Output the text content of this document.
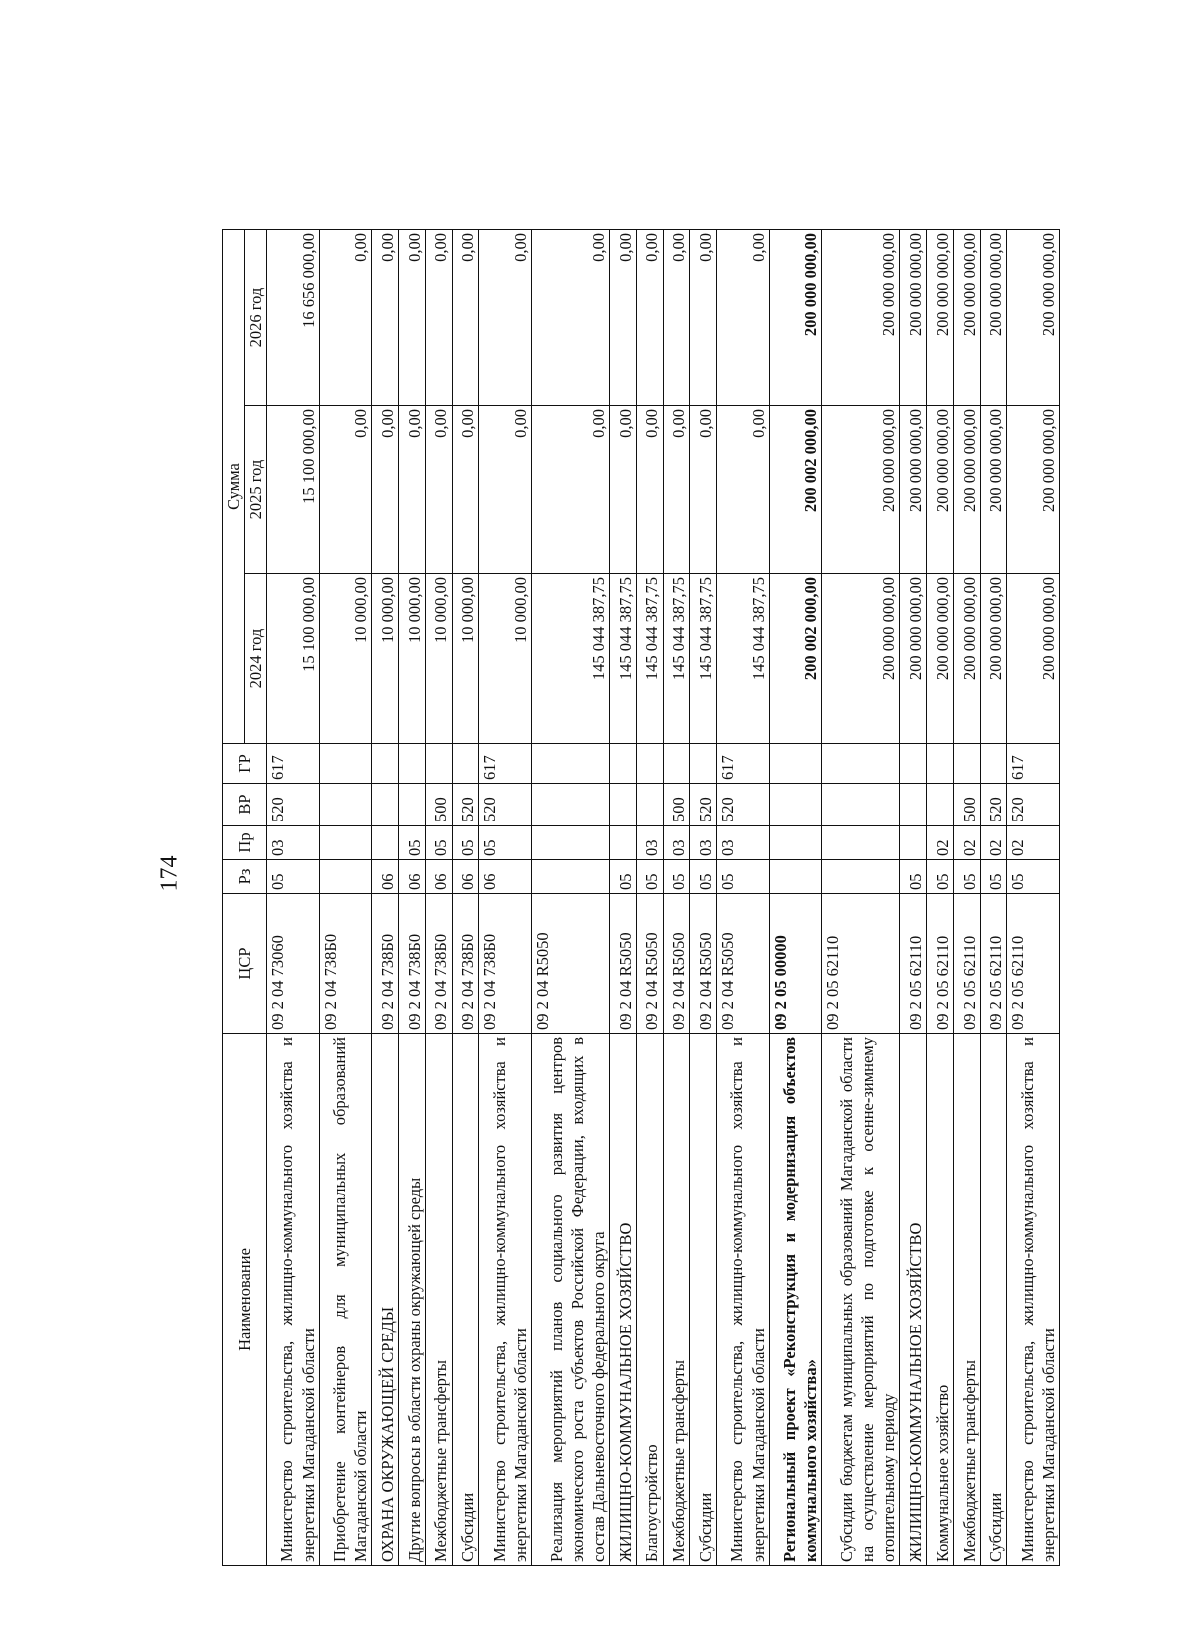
174
Наименование	ЦСР	Рз	Пр	ВР	ГР	Сумма		
						2024 год	2025 год	2026 год
Министерство строительства, жилищно-коммунального хозяйства и энергетики Магаданской области	09 2 04 73060	05	03	520	617	15 100 000,00	15 100 000,00	16 656 000,00
Приобретение контейнеров для муниципальных образований Магаданской области	09 2 04 738Б0					10 000,00	0,00	0,00
ОХРАНА ОКРУЖАЮЩЕЙ СРЕДЫ	09 2 04 738Б0	06				10 000,00	0,00	0,00
Другие вопросы в области охраны окружающей среды	09 2 04 738Б0	06	05			10 000,00	0,00	0,00
Межбюджетные трансферты	09 2 04 738Б0	06	05	500		10 000,00	0,00	0,00
Субсидии	09 2 04 738Б0	06	05	520		10 000,00	0,00	0,00
Министерство строительства, жилищно-коммунального хозяйства и энергетики Магаданской области	09 2 04 738Б0	06	05	520	617	10 000,00	0,00	0,00
Реализация мероприятий планов социального развития центров экономического роста субъектов Российской Федерации, входящих в состав Дальневосточного федерального округа	09 2 04 R5050					145 044 387,75	0,00	0,00
ЖИЛИЩНО-КОММУНАЛЬНОЕ ХОЗЯЙСТВО	09 2 04 R5050	05				145 044 387,75	0,00	0,00
Благоустройство	09 2 04 R5050	05	03			145 044 387,75	0,00	0,00
Межбюджетные трансферты	09 2 04 R5050	05	03	500		145 044 387,75	0,00	0,00
Субсидии	09 2 04 R5050	05	03	520		145 044 387,75	0,00	0,00
Министерство строительства, жилищно-коммунального хозяйства и энергетики Магаданской области	09 2 04 R5050	05	03	520	617	145 044 387,75	0,00	0,00
Региональный проект «Реконструкция и модернизация объектов коммунального хозяйства»	09 2 05 00000					200 002 000,00	200 002 000,00	200 000 000,00
Субсидии бюджетам муниципальных образований Магаданской области на осуществление мероприятий по подготовке к осенне-зимнему отопительному периоду	09 2 05 62110					200 000 000,00	200 000 000,00	200 000 000,00
ЖИЛИЩНО-КОММУНАЛЬНОЕ ХОЗЯЙСТВО	09 2 05 62110	05				200 000 000,00	200 000 000,00	200 000 000,00
Коммунальное хозяйство	09 2 05 62110	05	02			200 000 000,00	200 000 000,00	200 000 000,00
Межбюджетные трансферты	09 2 05 62110	05	02	500		200 000 000,00	200 000 000,00	200 000 000,00
Субсидии	09 2 05 62110	05	02	520		200 000 000,00	200 000 000,00	200 000 000,00
Министерство строительства, жилищно-коммунального хозяйства и энергетики Магаданской области	09 2 05 62110	05	02	520	617	200 000 000,00	200 000 000,00	200 000 000,00
